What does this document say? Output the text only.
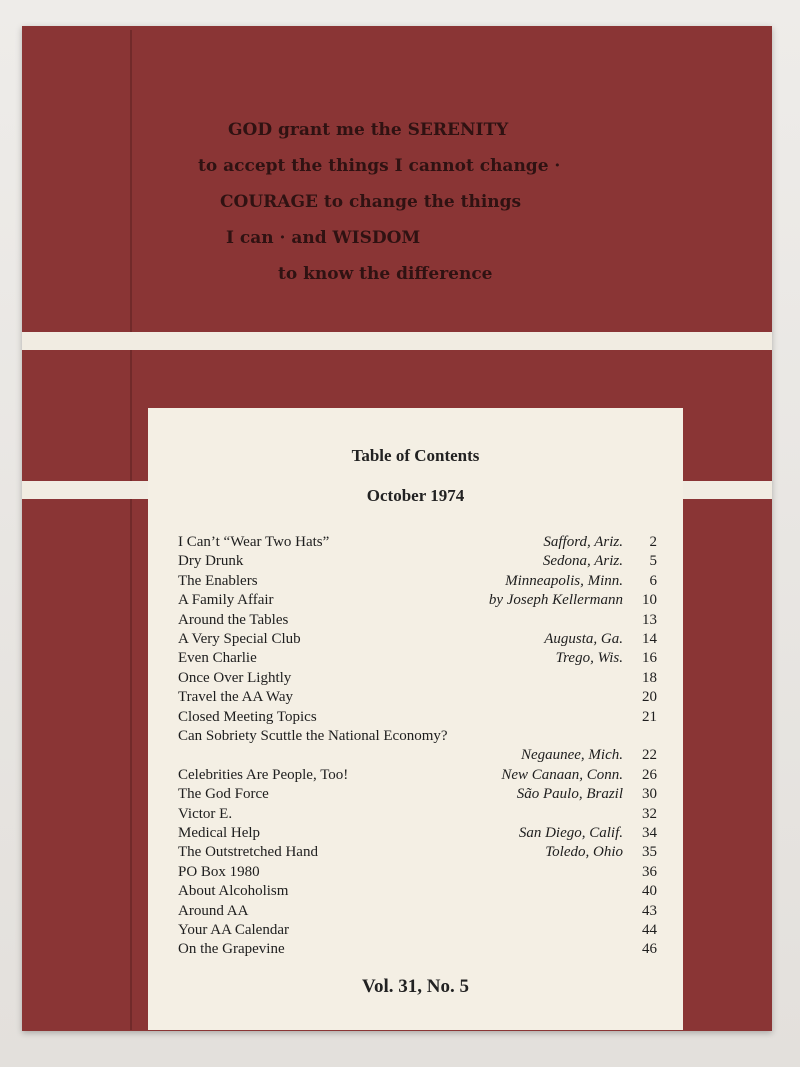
GOD grant me the SERENITY
to accept the things I cannot change ·
COURAGE to change the things
I can · and WISDOM
to know the difference
Table of Contents
October 1974
I Can’t “Wear Two Hats”	Safford, Ariz.	2
Dry Drunk	Sedona, Ariz.	5
The Enablers	Minneapolis, Minn.	6
A Family Affair	by Joseph Kellermann	10
Around the Tables	13
A Very Special Club	Augusta, Ga.	14
Even Charlie	Trego, Wis.	16
Once Over Lightly	18
Travel the AA Way	20
Closed Meeting Topics	21
Can Sobriety Scuttle the National Economy?
Negaunee, Mich.	22
Celebrities Are People, Too!	New Canaan, Conn.	26
The God Force	São Paulo, Brazil	30
Victor E.	32
Medical Help	San Diego, Calif.	34
The Outstretched Hand	Toledo, Ohio	35
PO Box 1980	36
About Alcoholism	40
Around AA	43
Your AA Calendar	44
On the Grapevine	46
Vol. 31, No. 5
